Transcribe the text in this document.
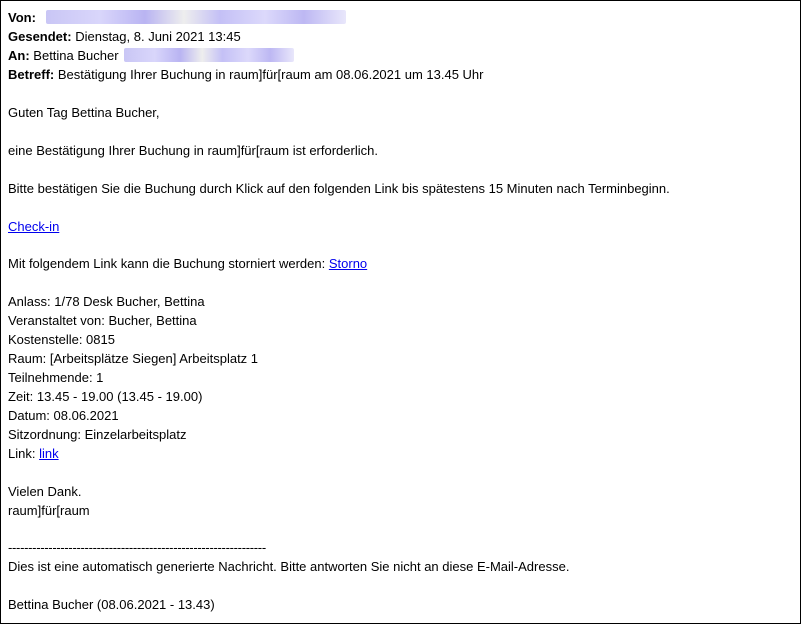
Von:
Gesendet: Dienstag, 8. Juni 2021 13:45
An: Bettina Bucher
Betreff: Bestätigung Ihrer Buchung in raum]für[raum am 08.06.2021 um 13.45 Uhr
Guten Tag Bettina Bucher,
eine Bestätigung Ihrer Buchung in raum]für[raum ist erforderlich.
Bitte bestätigen Sie die Buchung durch Klick auf den folgenden Link bis spätestens 15 Minuten nach Terminbeginn.
Check-in
Mit folgendem Link kann die Buchung storniert werden: Storno
Anlass: 1/78 Desk Bucher, Bettina
Veranstaltet von: Bucher, Bettina
Kostenstelle: 0815
Raum: [Arbeitsplätze Siegen] Arbeitsplatz 1
Teilnehmende: 1
Zeit: 13.45 - 19.00 (13.45 - 19.00)
Datum: 08.06.2021
Sitzordnung: Einzelarbeitsplatz
Link: link
Vielen Dank.
raum]für[raum
----------------------------------------------------------------
Dies ist eine automatisch generierte Nachricht. Bitte antworten Sie nicht an diese E-Mail-Adresse.
Bettina Bucher (08.06.2021 - 13.43)
